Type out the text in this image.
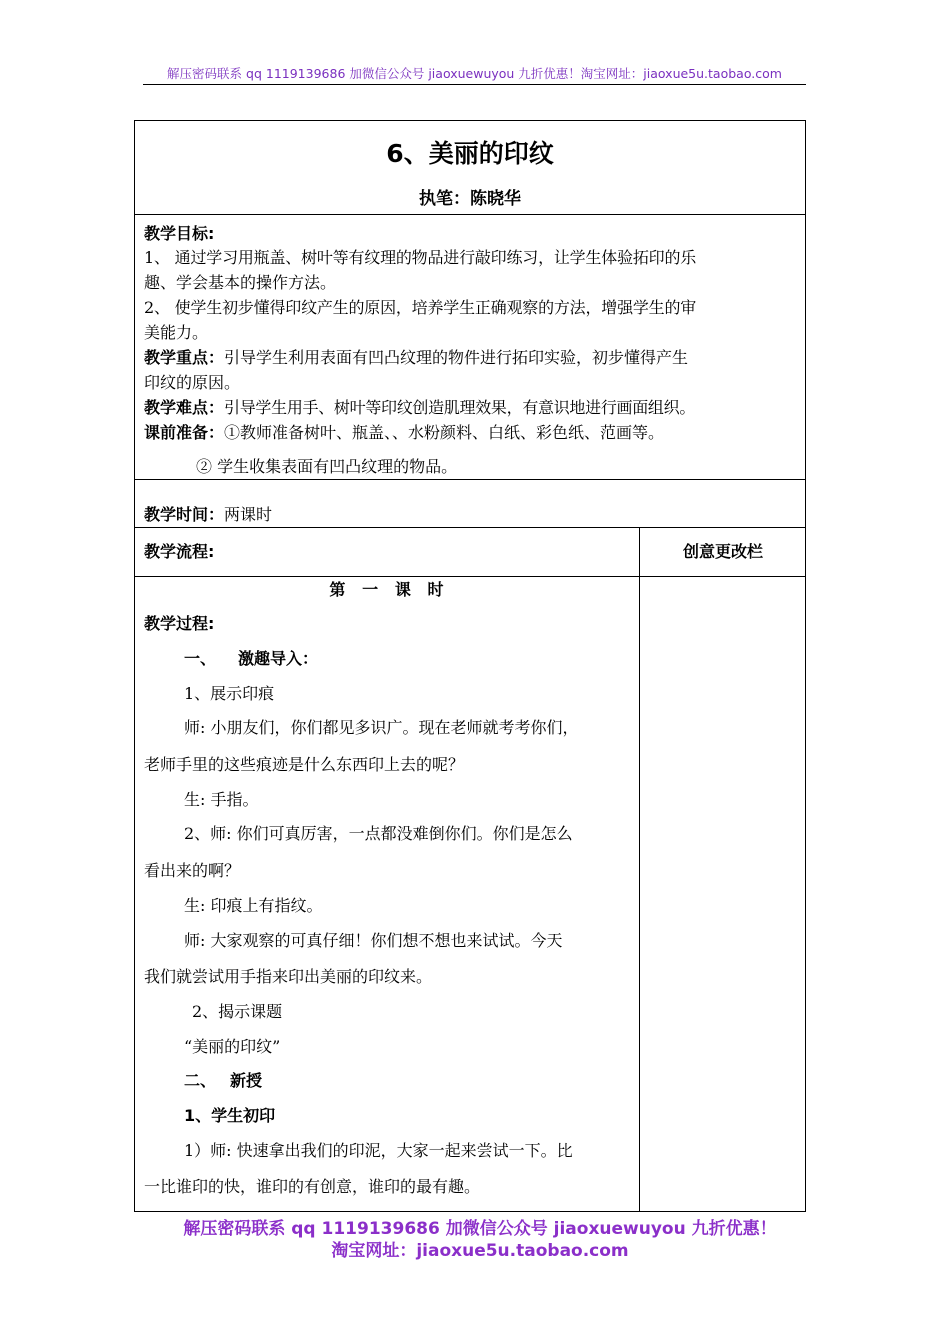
解压密码联系 qq 1119139686 加微信公众号 jiaoxuewuyou 九折优惠！淘宝网址：jiaoxue5u.taobao.com
6、美丽的印纹
执笔：陈晓华
教学目标:
1、 通过学习用瓶盖、树叶等有纹理的物品进行敲印练习，让学生体验拓印的乐
趣、学会基本的操作方法。
2、 使学生初步懂得印纹产生的原因，培养学生正确观察的方法，增强学生的审
美能力。
教学重点：引导学生利用表面有凹凸纹理的物件进行拓印实验，初步懂得产生
印纹的原因。
教学难点：引导学生用手、树叶等印纹创造肌理效果，有意识地进行画面组织。
课前准备：①教师准备树叶、瓶盖、、水粉颜料、白纸、彩色纸、范画等。
② 学生收集表面有凹凸纹理的物品。
教学时间：两课时
教学流程:	创意更改栏
第   一   课   时
教学过程:
一、 激趣导入：
1、展示印痕
师: 小朋友们，你们都见多识广。现在老师就考考你们，
老师手里的这些痕迹是什么东西印上去的呢？
生: 手指。
2、师: 你们可真厉害，一点都没难倒你们。你们是怎么
看出来的啊？
生: 印痕上有指纹。
师: 大家观察的可真仔细！你们想不想也来试试。今天
我们就尝试用手指来印出美丽的印纹来。
2、揭示课题
“美丽的印纹”
二、 新授
1、学生初印
1）师: 快速拿出我们的印泥，大家一起来尝试一下。比
一比谁印的快，谁印的有创意，谁印的最有趣。
解压密码联系 qq 1119139686 加微信公众号 jiaoxuewuyou 九折优惠！
淘宝网址：jiaoxue5u.taobao.com
